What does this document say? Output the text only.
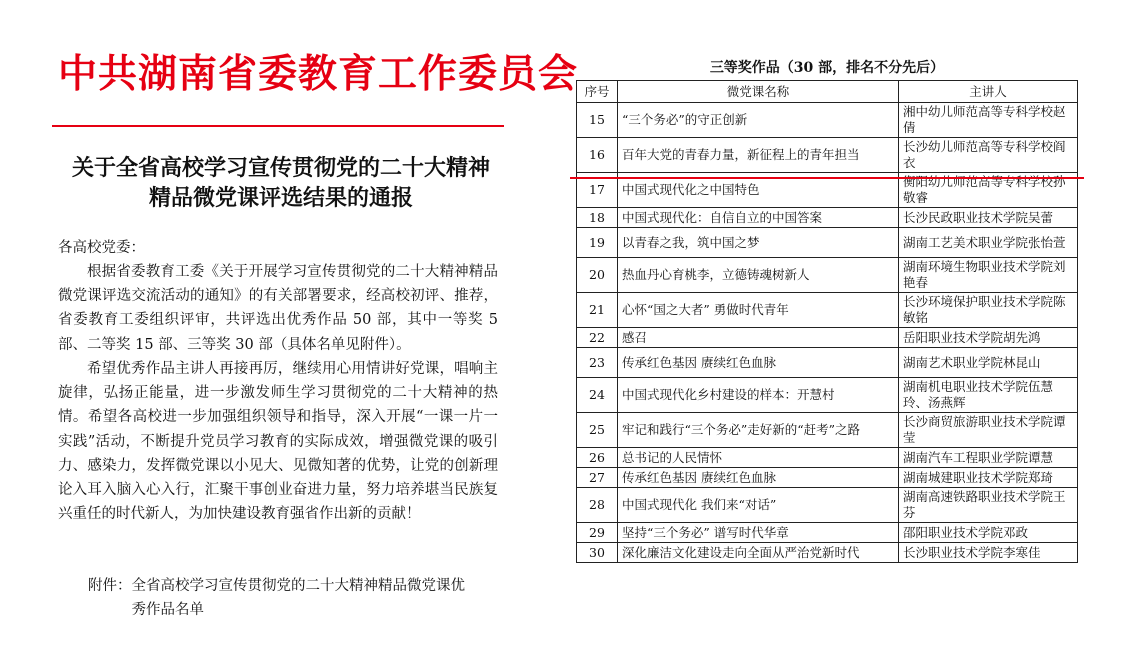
中共湖南省委教育工作委员会
关于全省高校学习宣传贯彻党的二十大精神
精品微党课评选结果的通报
各高校党委：
根据省委教育工委《关于开展学习宣传贯彻党的二十大精神精品微党课评选交流活动的通知》的有关部署要求，经高校初评、推荐，省委教育工委组织评审，共评选出优秀作品 50 部，其中一等奖 5 部、二等奖 15 部、三等奖 30 部（具体名单见附件）。
希望优秀作品主讲人再接再厉，继续用心用情讲好党课，唱响主旋律，弘扬正能量，进一步激发师生学习贯彻党的二十大精神的热情。希望各高校进一步加强组织领导和指导，深入开展“一课一片一实践”活动，不断提升党员学习教育的实际成效，增强微党课的吸引力、感染力，发挥微党课以小见大、见微知著的优势，让党的创新理论入耳入脑入心入行，汇聚干事创业奋进力量，努力培养堪当民族复兴重任的时代新人，为加快建设教育强省作出新的贡献！
附件：全省高校学习宣传贯彻党的二十大精神精品微党课优
秀作品名单
三等奖作品（30 部，排名不分先后）
序号	微党课名称	主讲人
15	“三个务必”的守正创新	湘中幼儿师范高等专科学校赵倩
16	百年大党的青春力量，新征程上的青年担当	长沙幼儿师范高等专科学校阎衣
17	中国式现代化之中国特色	衡阳幼儿师范高等专科学校孙敬睿
18	中国式现代化：自信自立的中国答案	长沙民政职业技术学院吴蕾
19	以青春之我，筑中国之梦	湖南工艺美术职业学院张怡萱
20	热血丹心育桃李，立德铸魂树新人	湖南环境生物职业技术学院刘艳春
21	心怀“国之大者” 勇做时代青年	长沙环境保护职业技术学院陈敏铭
22	感召	岳阳职业技术学院胡先鸿
23	传承红色基因 赓续红色血脉	湖南艺术职业学院林昆山
24	中国式现代化乡村建设的样本：开慧村	湖南机电职业技术学院伍慧玲、汤燕辉
25	牢记和践行“三个务必”走好新的“赶考”之路	长沙商贸旅游职业技术学院谭莹
26	总书记的人民情怀	湖南汽车工程职业学院谭慧
27	传承红色基因 赓续红色血脉	湖南城建职业技术学院郑琦
28	中国式现代化 我们来“对话”	湖南高速铁路职业技术学院王芬
29	坚持“三个务必” 谱写时代华章	邵阳职业技术学院邓政
30	深化廉洁文化建设走向全面从严治党新时代	长沙职业技术学院李寒佳
